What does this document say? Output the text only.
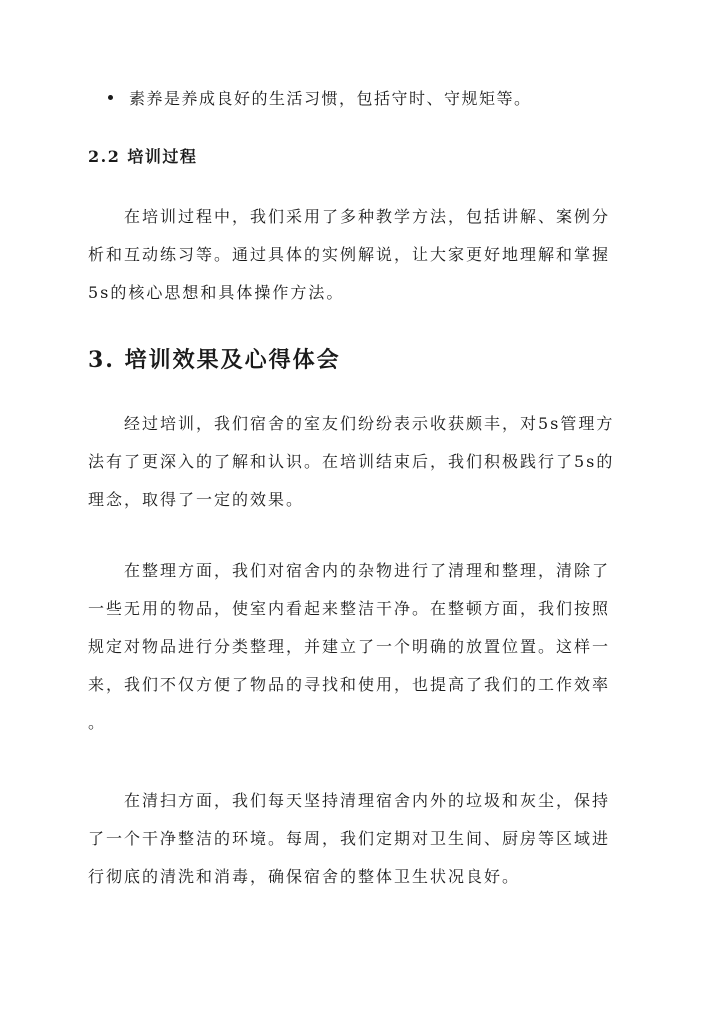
素养是养成良好的生活习惯，包括守时、守规矩等。
2.2 培训过程
在培训过程中，我们采用了多种教学方法，包括讲解、案例分
析和互动练习等。通过具体的实例解说，让大家更好地理解和掌握
5s的核心思想和具体操作方法。
3. 培训效果及心得体会
经过培训，我们宿舍的室友们纷纷表示收获颇丰，对5s管理方
法有了更深入的了解和认识。在培训结束后，我们积极践行了5s的
理念，取得了一定的效果。
在整理方面，我们对宿舍内的杂物进行了清理和整理，清除了
一些无用的物品，使室内看起来整洁干净。在整顿方面，我们按照
规定对物品进行分类整理，并建立了一个明确的放置位置。这样一
来，我们不仅方便了物品的寻找和使用，也提高了我们的工作效率
。
在清扫方面，我们每天坚持清理宿舍内外的垃圾和灰尘，保持
了一个干净整洁的环境。每周，我们定期对卫生间、厨房等区域进
行彻底的清洗和消毒，确保宿舍的整体卫生状况良好。
